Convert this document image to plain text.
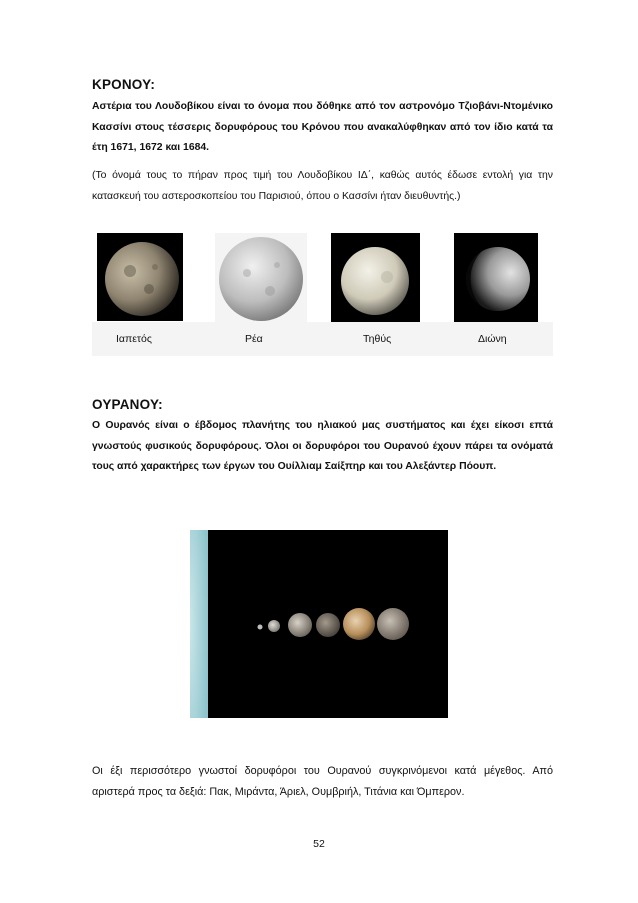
ΚΡΟΝΟΥ:
Αστέρια του Λουδοβίκου είναι το όνομα που δόθηκε από τον αστρονόμο Τζιοβάνι-Ντομένικο Κασσίνι στους τέσσερις δορυφόρους του Κρόνου που ανακαλύφθηκαν από τον ίδιο κατά τα έτη 1671, 1672 και 1684.
(Το όνομά τους το πήραν προς τιμή του Λουδοβίκου ΙΔ΄, καθώς αυτός έδωσε εντολή για την κατασκευή του αστεροσκοπείου του Παρισιού, όπου ο Κασσίνι ήταν διευθυντής.)
Ιαπετός	Ρέα	Τηθύς	Διώνη
ΟΥΡΑΝΟΥ:
Ο Ουρανός είναι ο έβδομος πλανήτης του ηλιακού μας συστήματος και έχει είκοσι επτά γνωστούς φυσικούς δορυφόρους. Όλοι οι δορυφόροι του Ουρανού έχουν πάρει τα ονόματά τους από χαρακτήρες των έργων του Ουίλλιαμ Σαίξπηρ και του Αλεξάντερ Πόουπ.
Οι έξι περισσότερο γνωστοί δορυφόροι του Ουρανού συγκρινόμενοι κατά μέγεθος. Από αριστερά προς τα δεξιά: Πακ, Μιράντα, Άριελ, Ουμβριήλ, Τιτάνια και Όμπερον.
52
